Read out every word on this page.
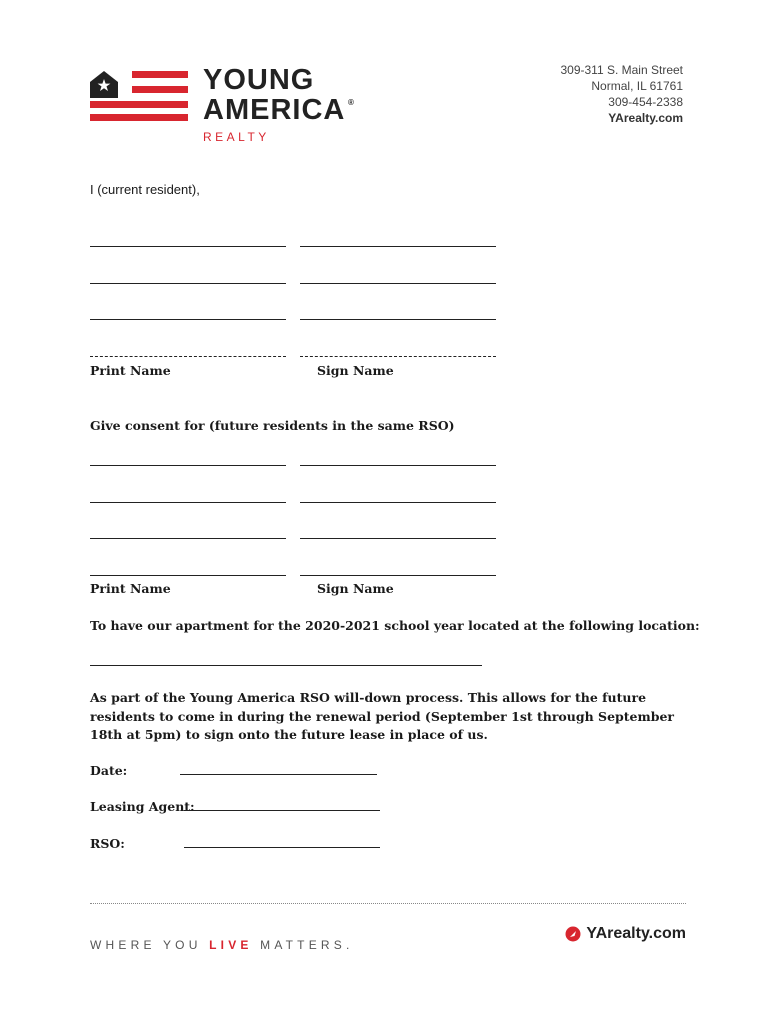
YOUNG
AMERICA ®
REALTY
309-311 S. Main Street
Normal, IL 61761
309-454-2338
YArealty.com
I (current resident),
Print Name	Sign Name
Give consent for (future residents in the same RSO)
Print Name	Sign Name
To have our apartment for the 2020-2021 school year located at the following location:
As part of the Young America RSO will-down process. This allows for the future residents to come in during the renewal period (September 1st through September 18th at 5pm) to sign onto the future lease in place of us.
Date:
Leasing Agent:
RSO:
WHERE YOU LIVE MATTERS.
YArealty.com
